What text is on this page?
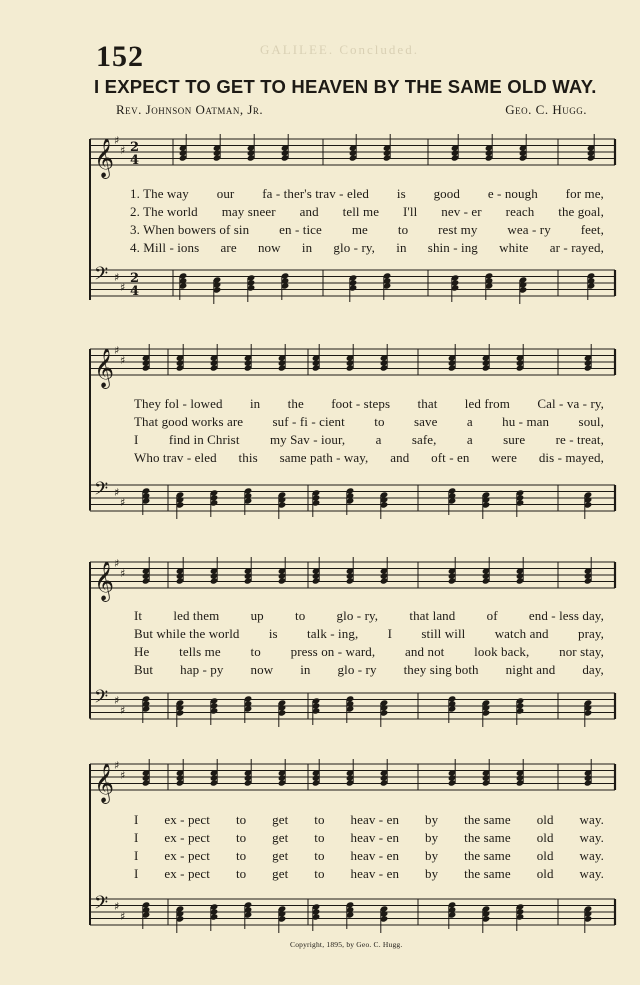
GALILEE. Concluded.
152
I EXPECT TO GET TO HEAVEN BY THE SAME OLD WAY.
Rev. Johnson Oatman, Jr.	Geo. C. Hugg.
𝄞 ♯
♯ 2
4
1. The way our fa - ther's trav - eled is good e - nough for me,
2. The world may sneer and tell me I'll nev - er reach the goal,
3. When bowers of sin en - tice me to rest my wea - ry feet,
4. Mill - ions are now in glo - ry, in shin - ing white ar - rayed,
𝄢 ♯
♯
2
4
𝄞 ♯
♯
They fol - lowed in the foot - steps that led from Cal - va - ry,
That good works are suf - fi - cient to save a hu - man soul,
I find in Christ my Sav - iour, a safe, a sure re - treat,
Who trav - eled this same path - way, and oft - en were dis - mayed,
𝄢 ♯
♯
𝄞 ♯
♯
It led them up to glo - ry, that land of end - less day,
But while the world is talk - ing, I still will watch and pray,
He tells me to press on - ward, and not look back, nor stay,
But hap - py now in glo - ry they sing both night and day,
𝄢 ♯
♯
𝄞 ♯
♯
I ex - pect to get to heav - en by the same old way.
I ex - pect to get to heav - en by the same old way.
I ex - pect to get to heav - en by the same old way.
I ex - pect to get to heav - en by the same old way.
𝄢 ♯
♯
Copyright, 1895, by Geo. C. Hugg.
